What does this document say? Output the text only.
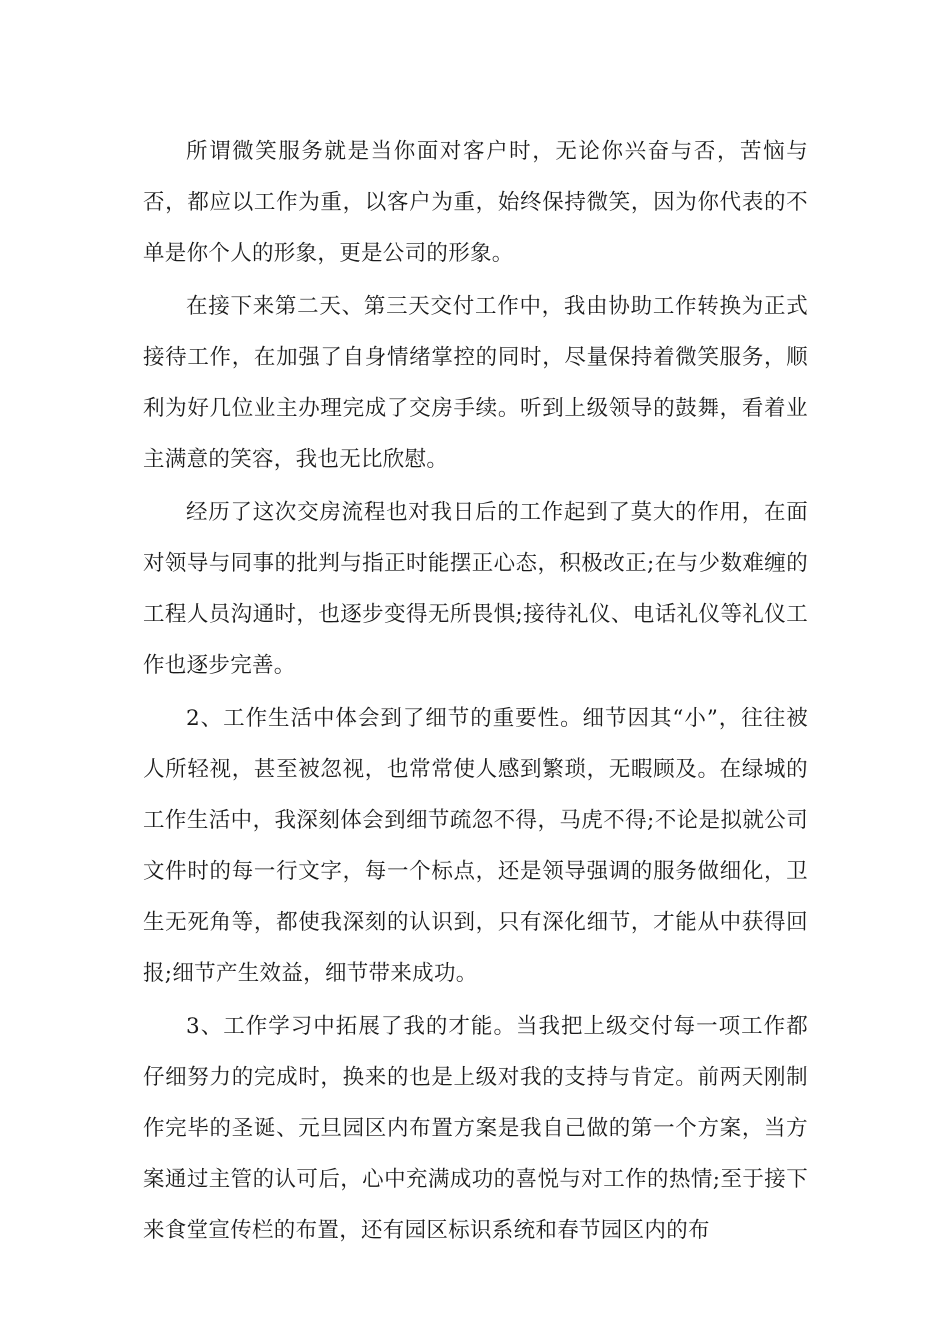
所谓微笑服务就是当你面对客户时，无论你兴奋与否，苦恼与否，都应以工作为重，以客户为重，始终保持微笑，因为你代表的不单是你个人的形象，更是公司的形象。

在接下来第二天、第三天交付工作中，我由协助工作转换为正式接待工作，在加强了自身情绪掌控的同时，尽量保持着微笑服务，顺利为好几位业主办理完成了交房手续。听到上级领导的鼓舞，看着业主满意的笑容，我也无比欣慰。

经历了这次交房流程也对我日后的工作起到了莫大的作用，在面对领导与同事的批判与指正时能摆正心态，积极改正;在与少数难缠的工程人员沟通时，也逐步变得无所畏惧;接待礼仪、电话礼仪等礼仪工作也逐步完善。

2、工作生活中体会到了细节的重要性。细节因其“小”，往往被人所轻视，甚至被忽视，也常常使人感到繁琐，无暇顾及。在绿城的工作生活中，我深刻体会到细节疏忽不得，马虎不得;不论是拟就公司文件时的每一行文字，每一个标点，还是领导强调的服务做细化，卫生无死角等，都使我深刻的认识到，只有深化细节，才能从中获得回报;细节产生效益，细节带来成功。

3、工作学习中拓展了我的才能。当我把上级交付每一项工作都仔细努力的完成时，换来的也是上级对我的支持与肯定。前两天刚制作完毕的圣诞、元旦园区内布置方案是我自己做的第一个方案，当方案通过主管的认可后，心中充满成功的喜悦与对工作的热情;至于接下来食堂宣传栏的布置，还有园区标识系统和春节园区内的布
